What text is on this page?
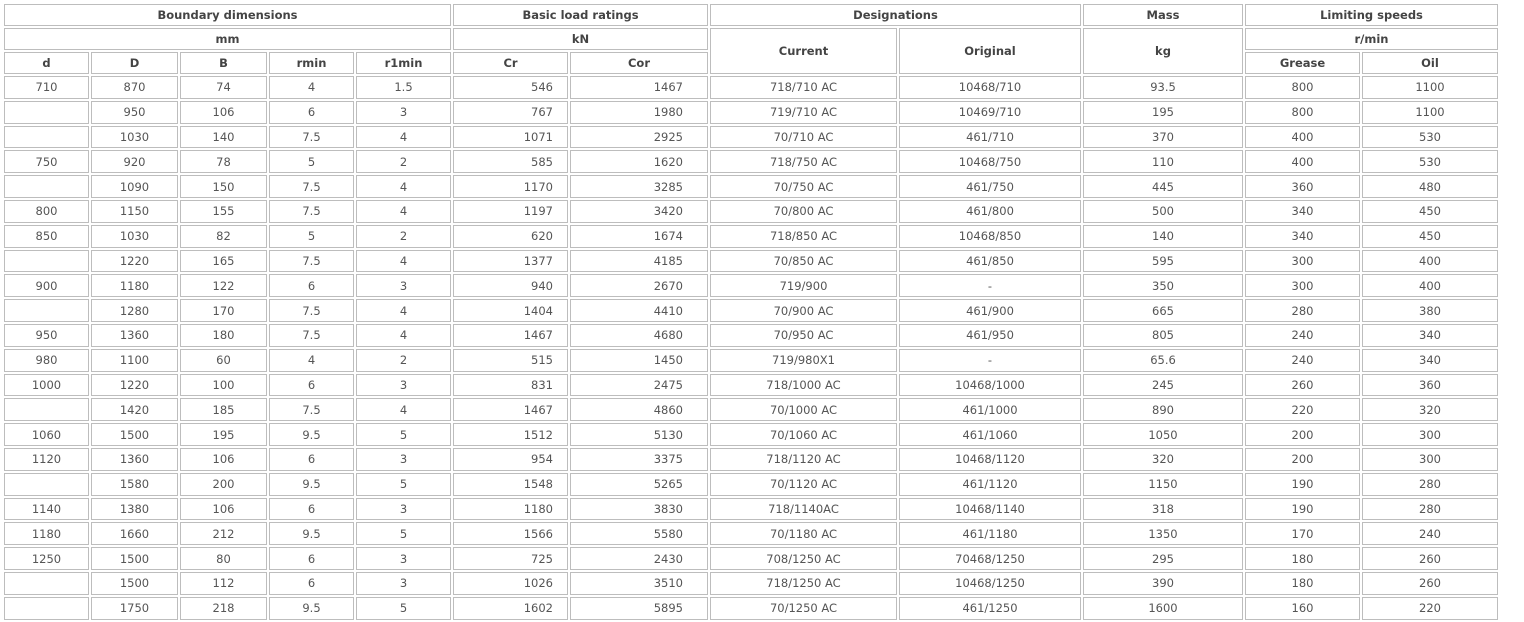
Boundary dimensions					Basic load ratings		Designations		Mass	Limiting speeds	
mm					kN		Current	Original	kg	r/min	
d	D	B	rmin	r1min	Cr	Cor				Grease	Oil
710	870	74	4	1.5	546	1467	718/710 AC	10468/710	93.5	800	1100
	950	106	6	3	767	1980	719/710 AC	10469/710	195	800	1100
	1030	140	7.5	4	1071	2925	70/710 AC	461/710	370	400	530
750	920	78	5	2	585	1620	718/750 AC	10468/750	110	400	530
	1090	150	7.5	4	1170	3285	70/750 AC	461/750	445	360	480
800	1150	155	7.5	4	1197	3420	70/800 AC	461/800	500	340	450
850	1030	82	5	2	620	1674	718/850 AC	10468/850	140	340	450
	1220	165	7.5	4	1377	4185	70/850 AC	461/850	595	300	400
900	1180	122	6	3	940	2670	719/900	-	350	300	400
	1280	170	7.5	4	1404	4410	70/900 AC	461/900	665	280	380
950	1360	180	7.5	4	1467	4680	70/950 AC	461/950	805	240	340
980	1100	60	4	2	515	1450	719/980X1	-	65.6	240	340
1000	1220	100	6	3	831	2475	718/1000 AC	10468/1000	245	260	360
	1420	185	7.5	4	1467	4860	70/1000 AC	461/1000	890	220	320
1060	1500	195	9.5	5	1512	5130	70/1060 AC	461/1060	1050	200	300
1120	1360	106	6	3	954	3375	718/1120 AC	10468/1120	320	200	300
	1580	200	9.5	5	1548	5265	70/1120 AC	461/1120	1150	190	280
1140	1380	106	6	3	1180	3830	718/1140AC	10468/1140	318	190	280
1180	1660	212	9.5	5	1566	5580	70/1180 AC	461/1180	1350	170	240
1250	1500	80	6	3	725	2430	708/1250 AC	70468/1250	295	180	260
	1500	112	6	3	1026	3510	718/1250 AC	10468/1250	390	180	260
	1750	218	9.5	5	1602	5895	70/1250 AC	461/1250	1600	160	220
